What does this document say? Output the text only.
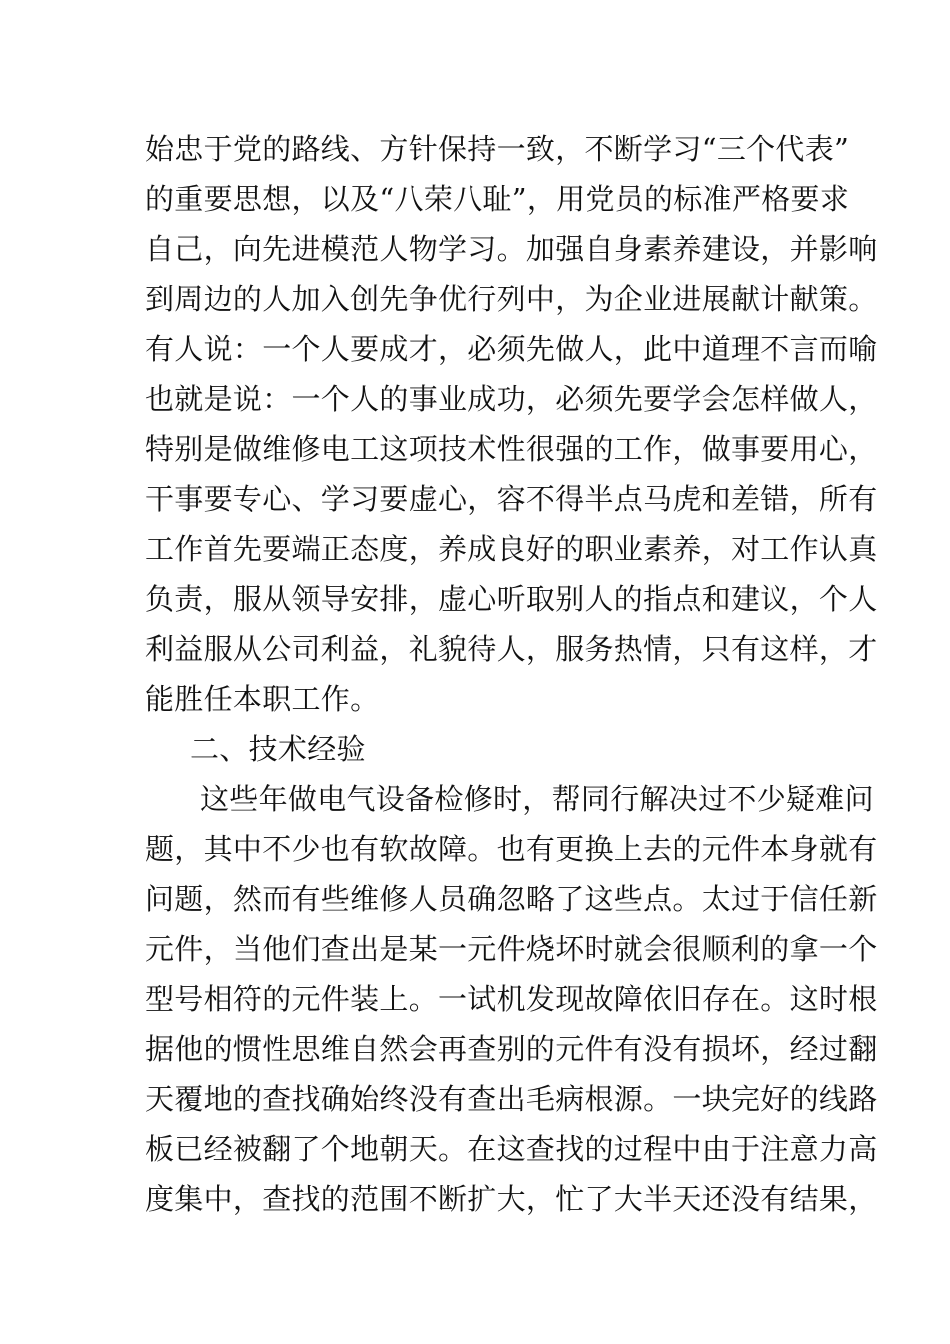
始忠于党的路线、方针保持一致，不断学习“三个代表”
的重要思想，以及“八荣八耻”，用党员的标准严格要求
自己，向先进模范人物学习。加强自身素养建设，并影响
到周边的人加入创先争优行列中，为企业进展献计献策。
有人说：一个人要成才，必须先做人，此中道理不言而喻
也就是说：一个人的事业成功，必须先要学会怎样做人，
特别是做维修电工这项技术性很强的工作，做事要用心，
干事要专心、学习要虚心，容不得半点马虎和差错，所有
工作首先要端正态度，养成良好的职业素养，对工作认真
负责，服从领导安排，虚心听取别人的指点和建议，个人
利益服从公司利益，礼貌待人，服务热情，只有这样，才
能胜任本职工作。
二、技术经验
这些年做电气设备检修时，帮同行解决过不少疑难问
题，其中不少也有软故障。也有更换上去的元件本身就有
问题，然而有些维修人员确忽略了这些点。太过于信任新
元件，当他们查出是某一元件烧坏时就会很顺利的拿一个
型号相符的元件装上。一试机发现故障依旧存在。这时根
据他的惯性思维自然会再查别的元件有没有损坏，经过翻
天覆地的查找确始终没有查出毛病根源。一块完好的线路
板已经被翻了个地朝天。在这查找的过程中由于注意力高
度集中，查找的范围不断扩大，忙了大半天还没有结果，
